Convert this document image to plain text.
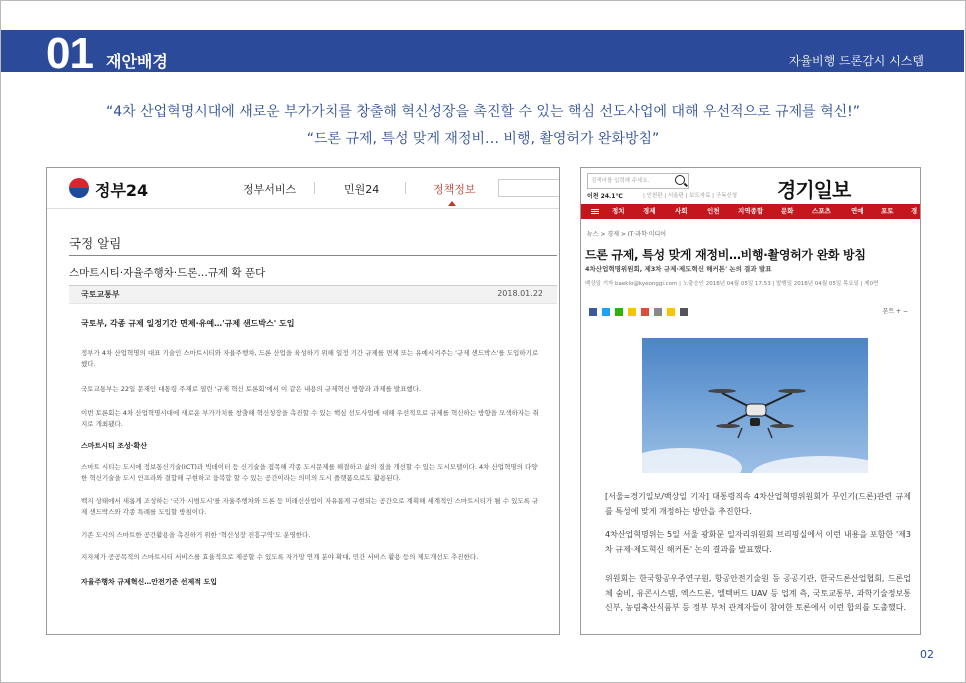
01 재안배경	자율비행 드론감시 시스템
“4차 산업혁명시대에 새로운 부가가치를 창출해 혁신성장을 촉진할 수 있는 핵심 선도사업에 대해 우선적으로 규제를 혁신!”
“드론 규제, 특성 맞게 재정비… 비행, 촬영허가 완화방침”
정부24	정부서비스	민원24	정책정보
국정 알림
스마트시티·자율주행차·드론…규제 확 푼다
국토교통부	2018.01.22
국토부, 각종 규제 일정기간 면제·유예…'규제 샌드박스' 도입
정부가 4차 산업혁명의 대표 기술인 스마트시티와 자율주행차, 드론 산업을 육성하기 위해 일정 기간 규제를 면제 또는 유예시켜주는 '규제 샌드박스'를 도입하기로 했다.
국토교통부는 22일 문재인 대통령 주재로 열린 '규제 혁신 토론회'에서 이 같은 내용의 규제혁신 방향과 과제를 발표했다.
이번 토론회는 4차 산업혁명시대에 새로운 부가가치를 창출해 혁신성장을 촉진할 수 있는 핵심 선도사업에 대해 우선적으로 규제를 혁신하는 방향을 모색하자는 취지로 개최됐다.
스마트시티 조성·확산
스마트 시티는 도시에 정보통신기술(ICT)과 빅데이터 등 신기술을 접목해 각종 도시문제를 해결하고 삶의 질을 개선할 수 있는 도시모델이다. 4차 산업혁명의 다양한 혁신기술을 도시 인프라와 결합해 구현하고 융복합 할 수 있는 공간이라는 의미의 도시 플랫폼으로도 활용된다.
백지 상태에서 새롭게 조성하는 '국가 시범도시'를 자율주행차와 드론 등 미래신산업이 자유롭게 구현되는 공간으로 계획해 세계적인 스마트시티가 될 수 있도록 규제 샌드박스와 각종 특례를 도입할 방침이다.
기존 도시의 스마트한 공간활용을 촉진하기 위한 '혁신성장 진흥구역'도 운영한다.
지자체가 공공목적의 스마트시티 서비스를 효율적으로 제공할 수 있도록 자가망 연계 분야 확대, 민간 서비스 활용 등의 제도개선도 추진한다.
자율주행차 규제혁신…안전기준 선제적 도입
검색어를 입력해 주세요.
이천 24.1℃	| 인천판 | 서울판 | 보도자료 | 구독신청 경기일보
정치	경제	사회	인천	지역종합	문화	스포츠	연예	포토	경
뉴스 > 경제 > IT·과학·미디어
드론 규제, 특성 맞게 재정비…비행·촬영허가 완화 방침
4차산업혁명위원회, 제3차 규제·제도혁신 해커톤' 논의 결과 발표
백상일 기자 baekio@kyeonggi.com | 노출승인 2018년 04월 05일 17:53 | 발행일 2018년 04월 05일 목요일 | 제0면
폰트 + −
[서울=경기일보/백상일 기자] 대통령직속 4차산업혁명위원회가 무인기(드론)관련 규제를 특성에 맞게 개정하는 방안을 추진한다.
4차산업혁명위는 5일 서울 광화문 일자리위원회 브리핑실에서 이런 내용을 포함한 '제3차 규제·제도혁신 해커톤' 논의 결과를 발표했다.
위원회는 한국항공우주연구원, 항공안전기술원 등 공공기관, 한국드론산업협회, 드론업체 숨비, 유콘시스템, 엑스드론, 엘텍버드 UAV 등 업계 측, 국토교통부, 과학기술정보통신부, 농림축산식품부 등 정부 부처 관계자들이 참여한 토론에서 이런 합의를 도출했다.
02
